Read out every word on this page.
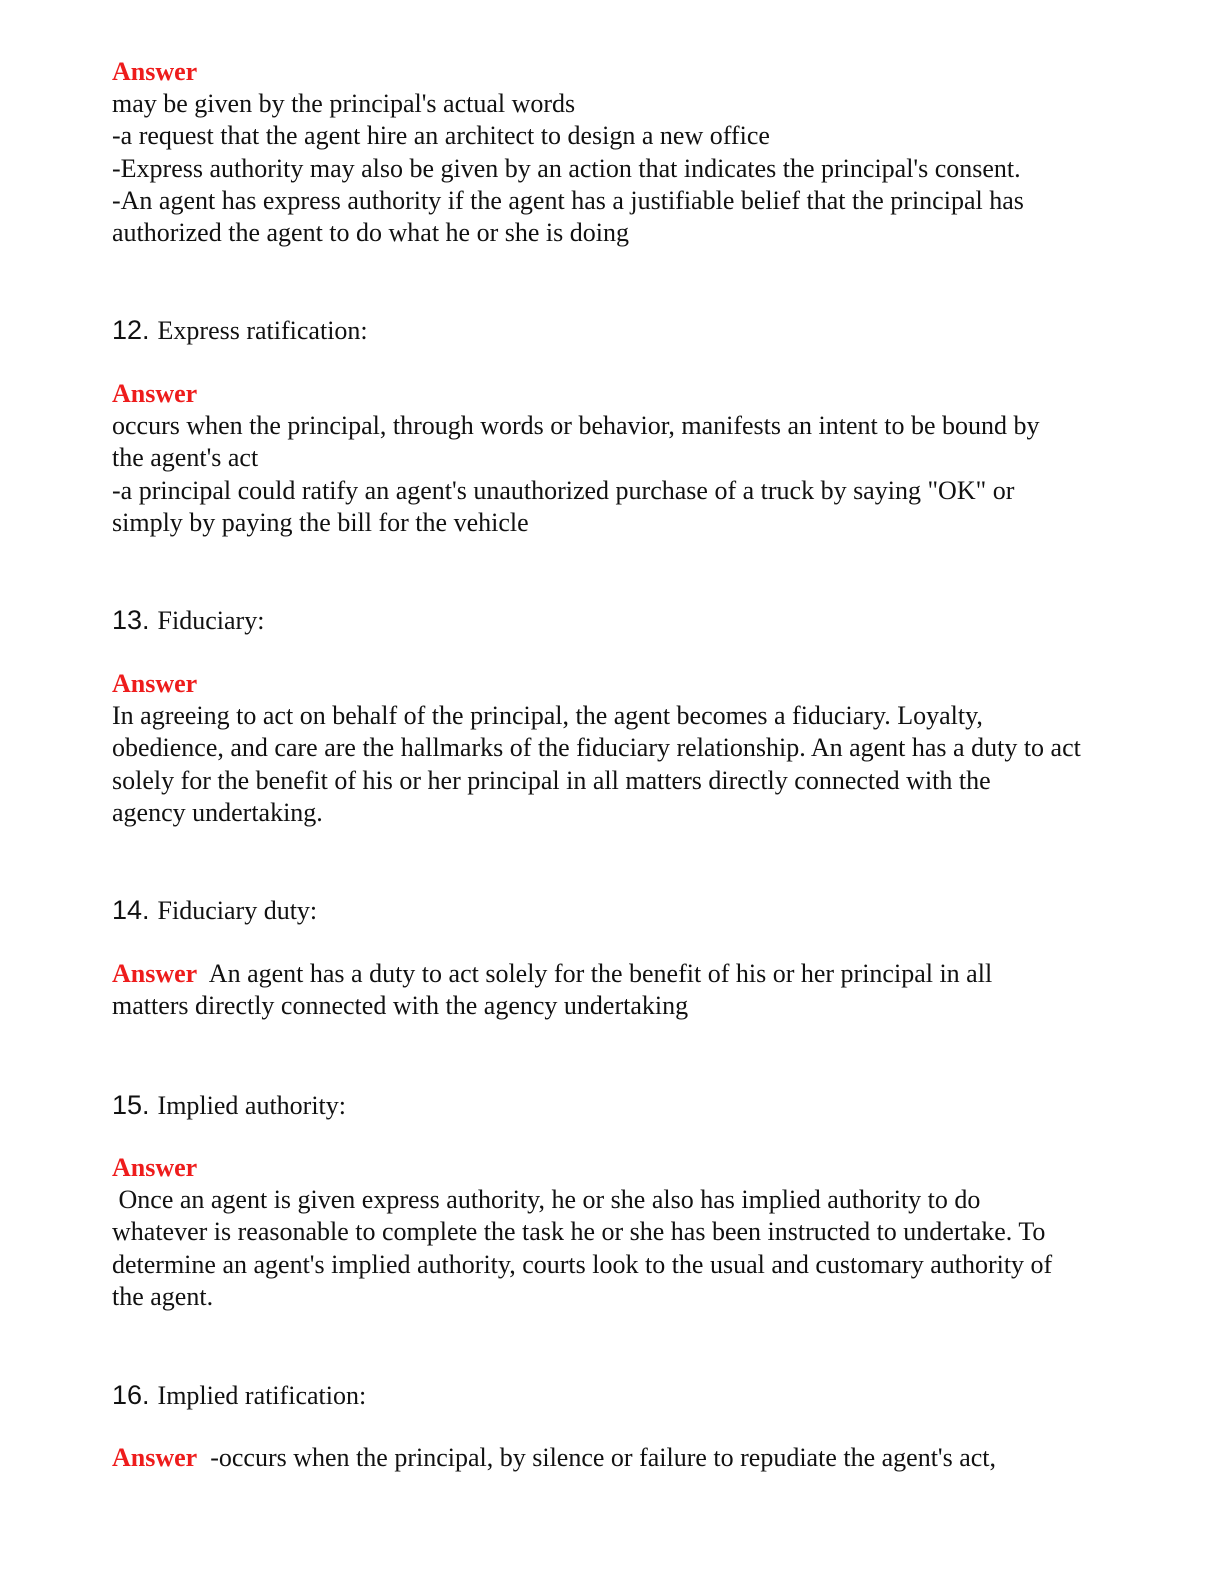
Answer
may be given by the principal's actual words
-a request that the agent hire an architect to design a new office
-Express authority may also be given by an action that indicates the principal's consent.
-An agent has express authority if the agent has a justifiable belief that the principal has
authorized the agent to do what he or she is doing
12. Express ratification:
Answer
occurs when the principal, through words or behavior, manifests an intent to be bound by
the agent's act
-a principal could ratify an agent's unauthorized purchase of a truck by saying "OK" or
simply by paying the bill for the vehicle
13. Fiduciary:
Answer
In agreeing to act on behalf of the principal, the agent becomes a fiduciary. Loyalty,
obedience, and care are the hallmarks of the fiduciary relationship. An agent has a duty to act
solely for the benefit of his or her principal in all matters directly connected with the
agency undertaking.
14. Fiduciary duty:
Answer An agent has a duty to act solely for the benefit of his or her principal in all
matters directly connected with the agency undertaking
15. Implied authority:
Answer
Once an agent is given express authority, he or she also has implied authority to do
whatever is reasonable to complete the task he or she has been instructed to undertake. To
determine an agent's implied authority, courts look to the usual and customary authority of
the agent.
16. Implied ratification:
Answer -occurs when the principal, by silence or failure to repudiate the agent's act,
